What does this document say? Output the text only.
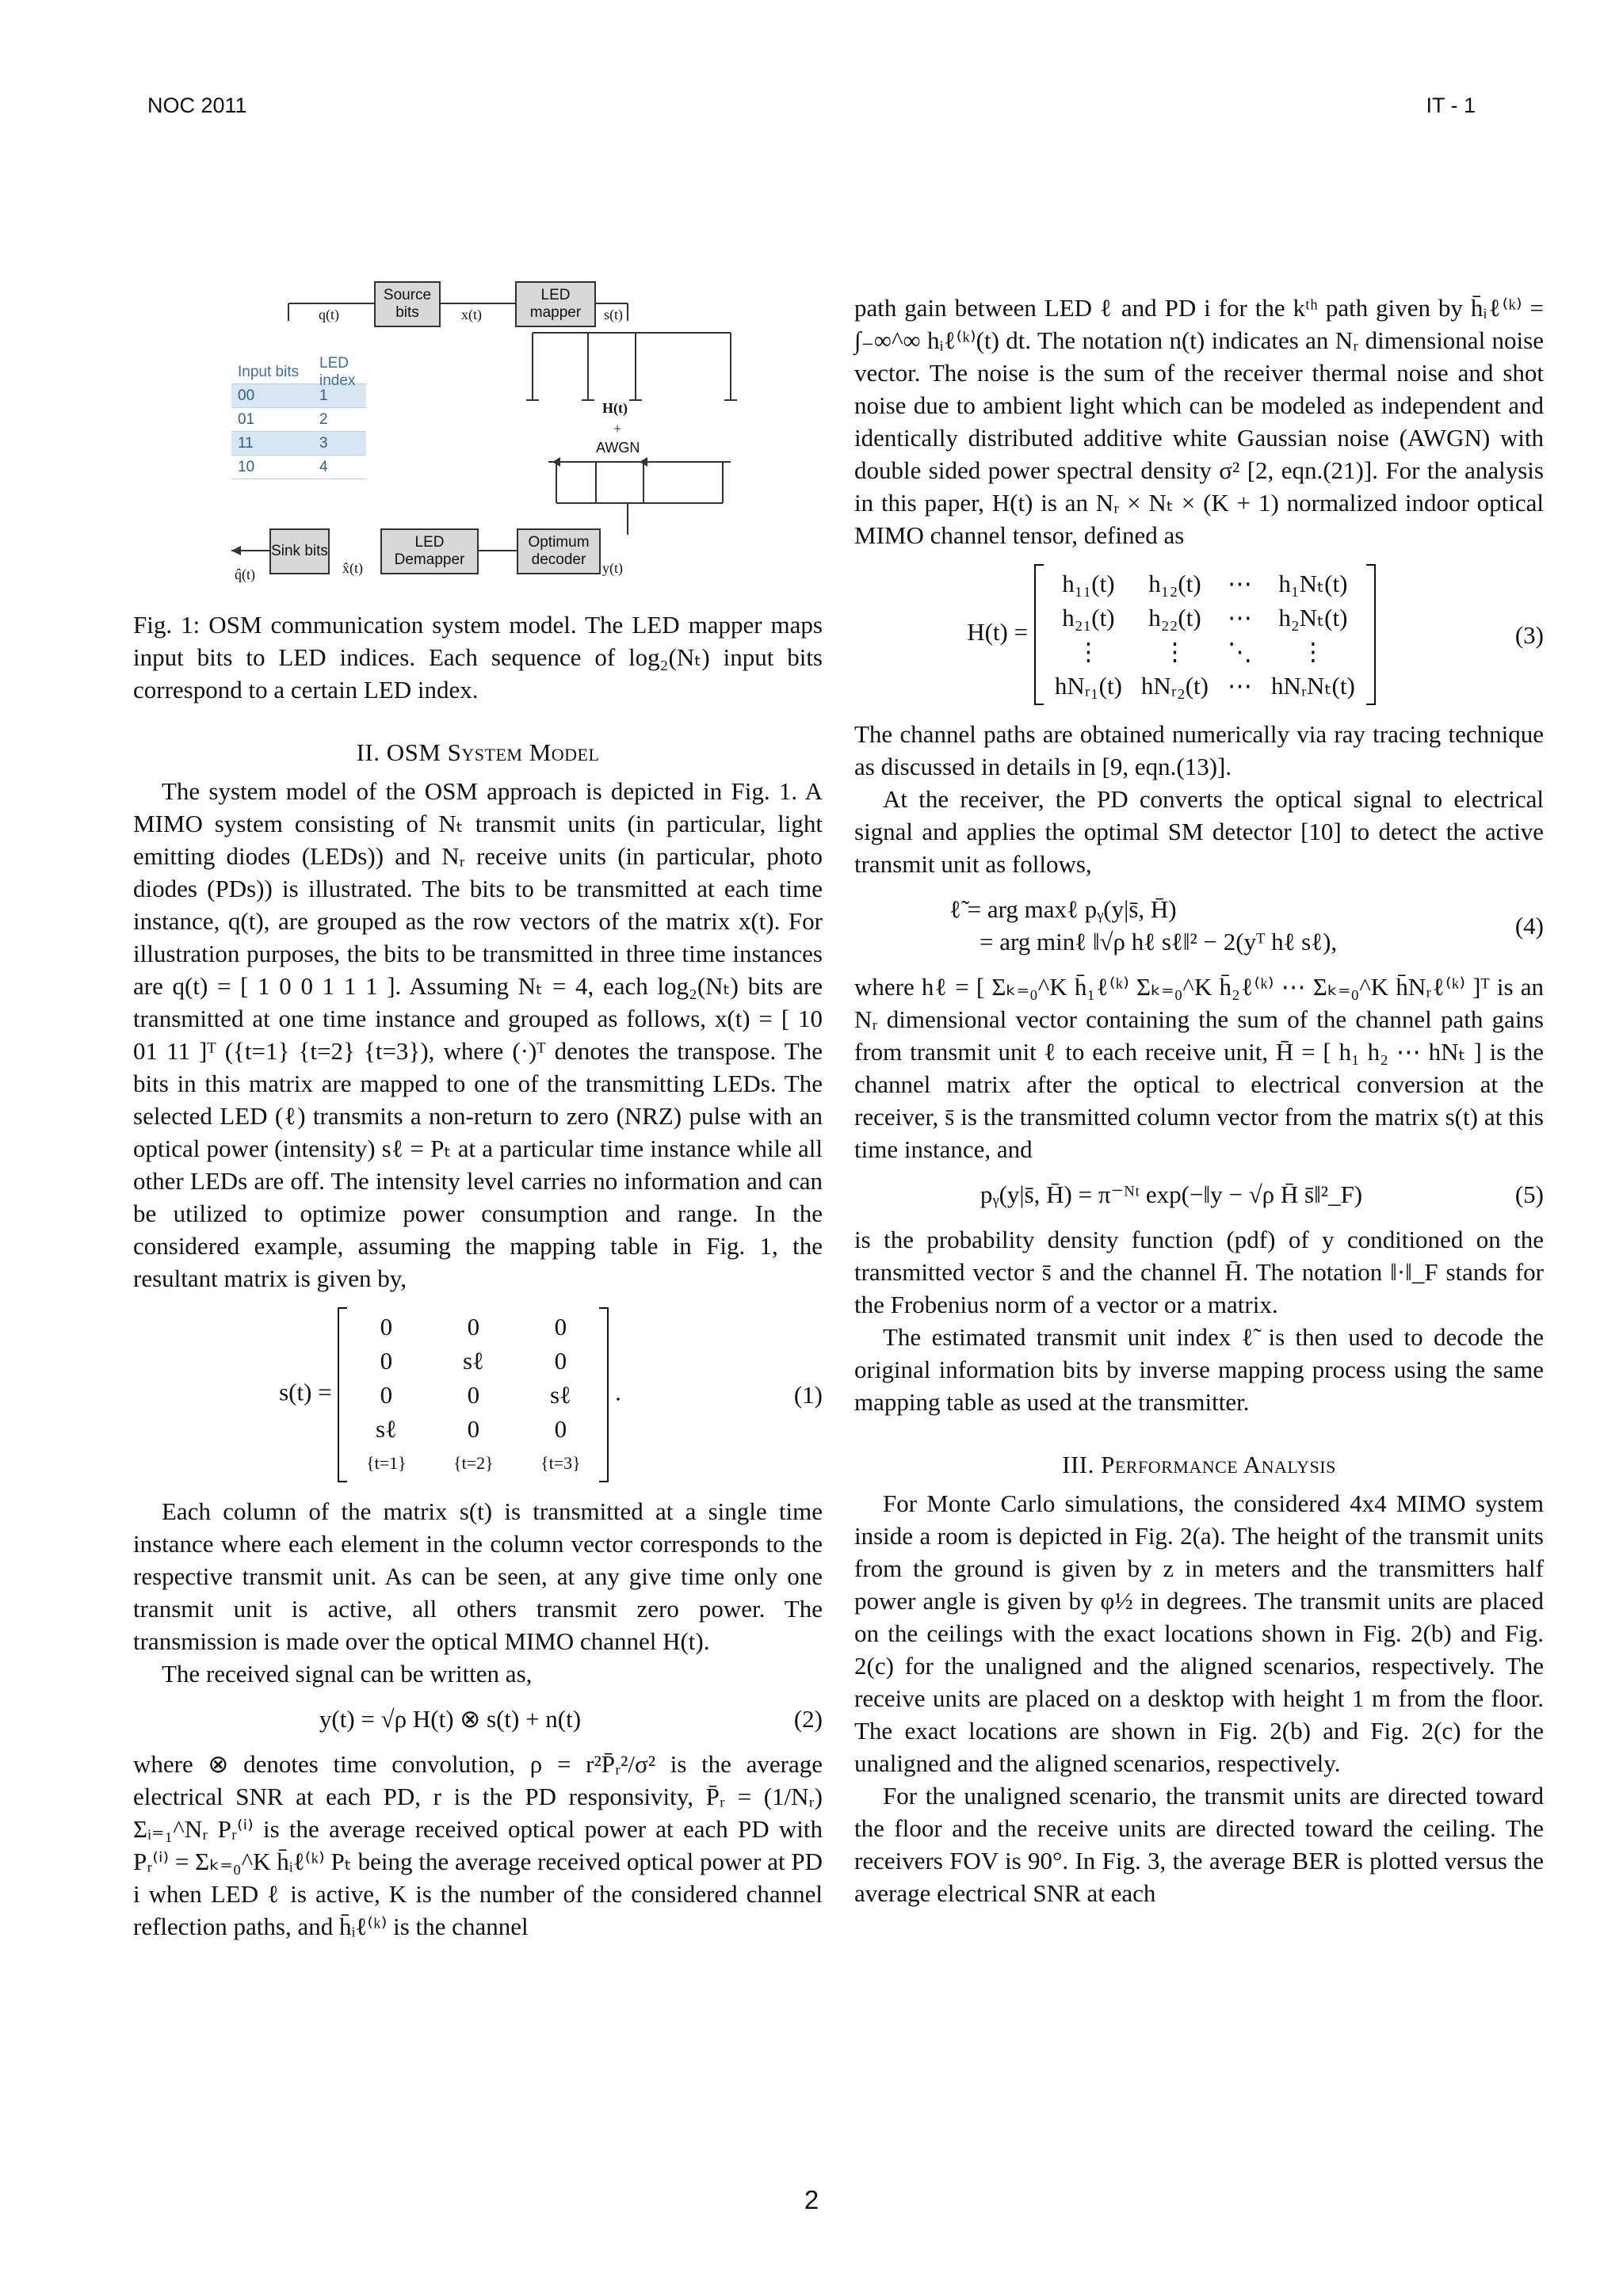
NOC 2011	IT - 1
Source bits
LED mapper
Sink bits
LED Demapper
Optimum decoder
q(t)	x(t)	s(t)
y(t)
q̂(t)	x̂(t)
H(t)
+
AWGN
Input bits
LED index
00	1
01	2
11	3
10	4
Fig. 1: OSM communication system model. The LED mapper maps input bits to LED indices. Each sequence of log₂(Nₜ) input bits correspond to a certain LED index.
II. OSM System Model

The system model of the OSM approach is depicted in Fig. 1. A MIMO system consisting of Nₜ transmit units (in particular, light emitting diodes (LEDs)) and Nᵣ receive units (in particular, photo diodes (PDs)) is illustrated. The bits to be transmitted at each time instance, q(t), are grouped as the row vectors of the matrix x(t). For illustration purposes, the bits to be transmitted in three time instances are q(t) = [ 1 0 0 1 1 1 ]. Assuming Nₜ = 4, each log₂(Nₜ) bits are transmitted at one time instance and grouped as follows, x(t) = [ 10 01 11 ]ᵀ ({t=1} {t=2} {t=3}), where (·)ᵀ denotes the transpose. The bits in this matrix are mapped to one of the transmitting LEDs. The selected LED (ℓ) transmits a non-return to zero (NRZ) pulse with an optical power (intensity) sℓ = Pₜ at a particular time instance while all other LEDs are off. The intensity level carries no information and can be utilized to optimize power consumption and range. In the considered example, assuming the mapping table in Fig. 1, the resultant matrix is given by,

s(t) =
0	0	0
0	sℓ	0
0	0	sℓ
sℓ	0	0
{t=1}	{t=2}	{t=3}
.	(1)

Each column of the matrix s(t) is transmitted at a single time instance where each element in the column vector corresponds to the respective transmit unit. As can be seen, at any give time only one transmit unit is active, all others transmit zero power. The transmission is made over the optical MIMO channel H(t).

The received signal can be written as,

y(t) = √ρ H(t) ⊗ s(t) + n(t)	(2)

where ⊗ denotes time convolution, ρ = r²P̄ᵣ²/σ² is the average electrical SNR at each PD, r is the PD responsivity, P̄ᵣ = (1/Nᵣ) Σᵢ₌₁^Nᵣ Pᵣ⁽ⁱ⁾ is the average received optical power at each PD with Pᵣ⁽ⁱ⁾ = Σₖ₌₀^K h̄ᵢℓ⁽ᵏ⁾ Pₜ being the average received optical power at PD i when LED ℓ is active, K is the number of the considered channel reflection paths, and h̄ᵢℓ⁽ᵏ⁾ is the channel

path gain between LED ℓ and PD i for the kᵗʰ path given by h̄ᵢℓ⁽ᵏ⁾ = ∫₋∞^∞ hᵢℓ⁽ᵏ⁾(t) dt. The notation n(t) indicates an Nᵣ dimensional noise vector. The noise is the sum of the receiver thermal noise and shot noise due to ambient light which can be modeled as independent and identically distributed additive white Gaussian noise (AWGN) with double sided power spectral density σ² [2, eqn.(21)]. For the analysis in this paper, H(t) is an Nᵣ × Nₜ × (K + 1) normalized indoor optical MIMO channel tensor, defined as

H(t) =
h₁₁(t)	h₁₂(t)	⋯	h₁Nₜ(t)
h₂₁(t)	h₂₂(t)	⋯	h₂Nₜ(t)
⋮	⋮	⋱	⋮
hNᵣ₁(t) hNᵣ₂(t) ⋯ hNᵣNₜ(t)
(3)

The channel paths are obtained numerically via ray tracing technique as discussed in details in [9, eqn.(13)].

At the receiver, the PD converts the optical signal to electrical signal and applies the optimal SM detector [10] to detect the active transmit unit as follows,

ℓ̃ = arg maxℓ pᵧ(y|s̄, H̄)
= arg minℓ ‖√ρ hℓ sℓ‖² − 2(yᵀ hℓ sℓ),
(4)

where hℓ = [ Σₖ₌₀^K h̄₁ℓ⁽ᵏ⁾ Σₖ₌₀^K h̄₂ℓ⁽ᵏ⁾ ⋯ Σₖ₌₀^K h̄Nᵣℓ⁽ᵏ⁾ ]ᵀ is an Nᵣ dimensional vector containing the sum of the channel path gains from transmit unit ℓ to each receive unit, H̄ = [ h₁ h₂ ⋯ hNₜ ] is the channel matrix after the optical to electrical conversion at the receiver, s̄ is the transmitted column vector from the matrix s(t) at this time instance, and

pᵧ(y|s̄, H̄) = π⁻ᴺᵗ exp(−‖y − √ρ H̄ s̄‖²_F)	(5)

is the probability density function (pdf) of y conditioned on the transmitted vector s̄ and the channel H̄. The notation ‖·‖_F stands for the Frobenius norm of a vector or a matrix.

The estimated transmit unit index ℓ̃ is then used to decode the original information bits by inverse mapping process using the same mapping table as used at the transmitter.

III. Performance Analysis

For Monte Carlo simulations, the considered 4x4 MIMO system inside a room is depicted in Fig. 2(a). The height of the transmit units from the ground is given by z in meters and the transmitters half power angle is given by φ½ in degrees. The transmit units are placed on the ceilings with the exact locations shown in Fig. 2(b) and Fig. 2(c) for the unaligned and the aligned scenarios, respectively. The receive units are placed on a desktop with height 1 m from the floor. The exact locations are shown in Fig. 2(b) and Fig. 2(c) for the unaligned and the aligned scenarios, respectively.

For the unaligned scenario, the transmit units are directed toward the floor and the receive units are directed toward the ceiling. The receivers FOV is 90°. In Fig. 3, the average BER is plotted versus the average electrical SNR at each

2
